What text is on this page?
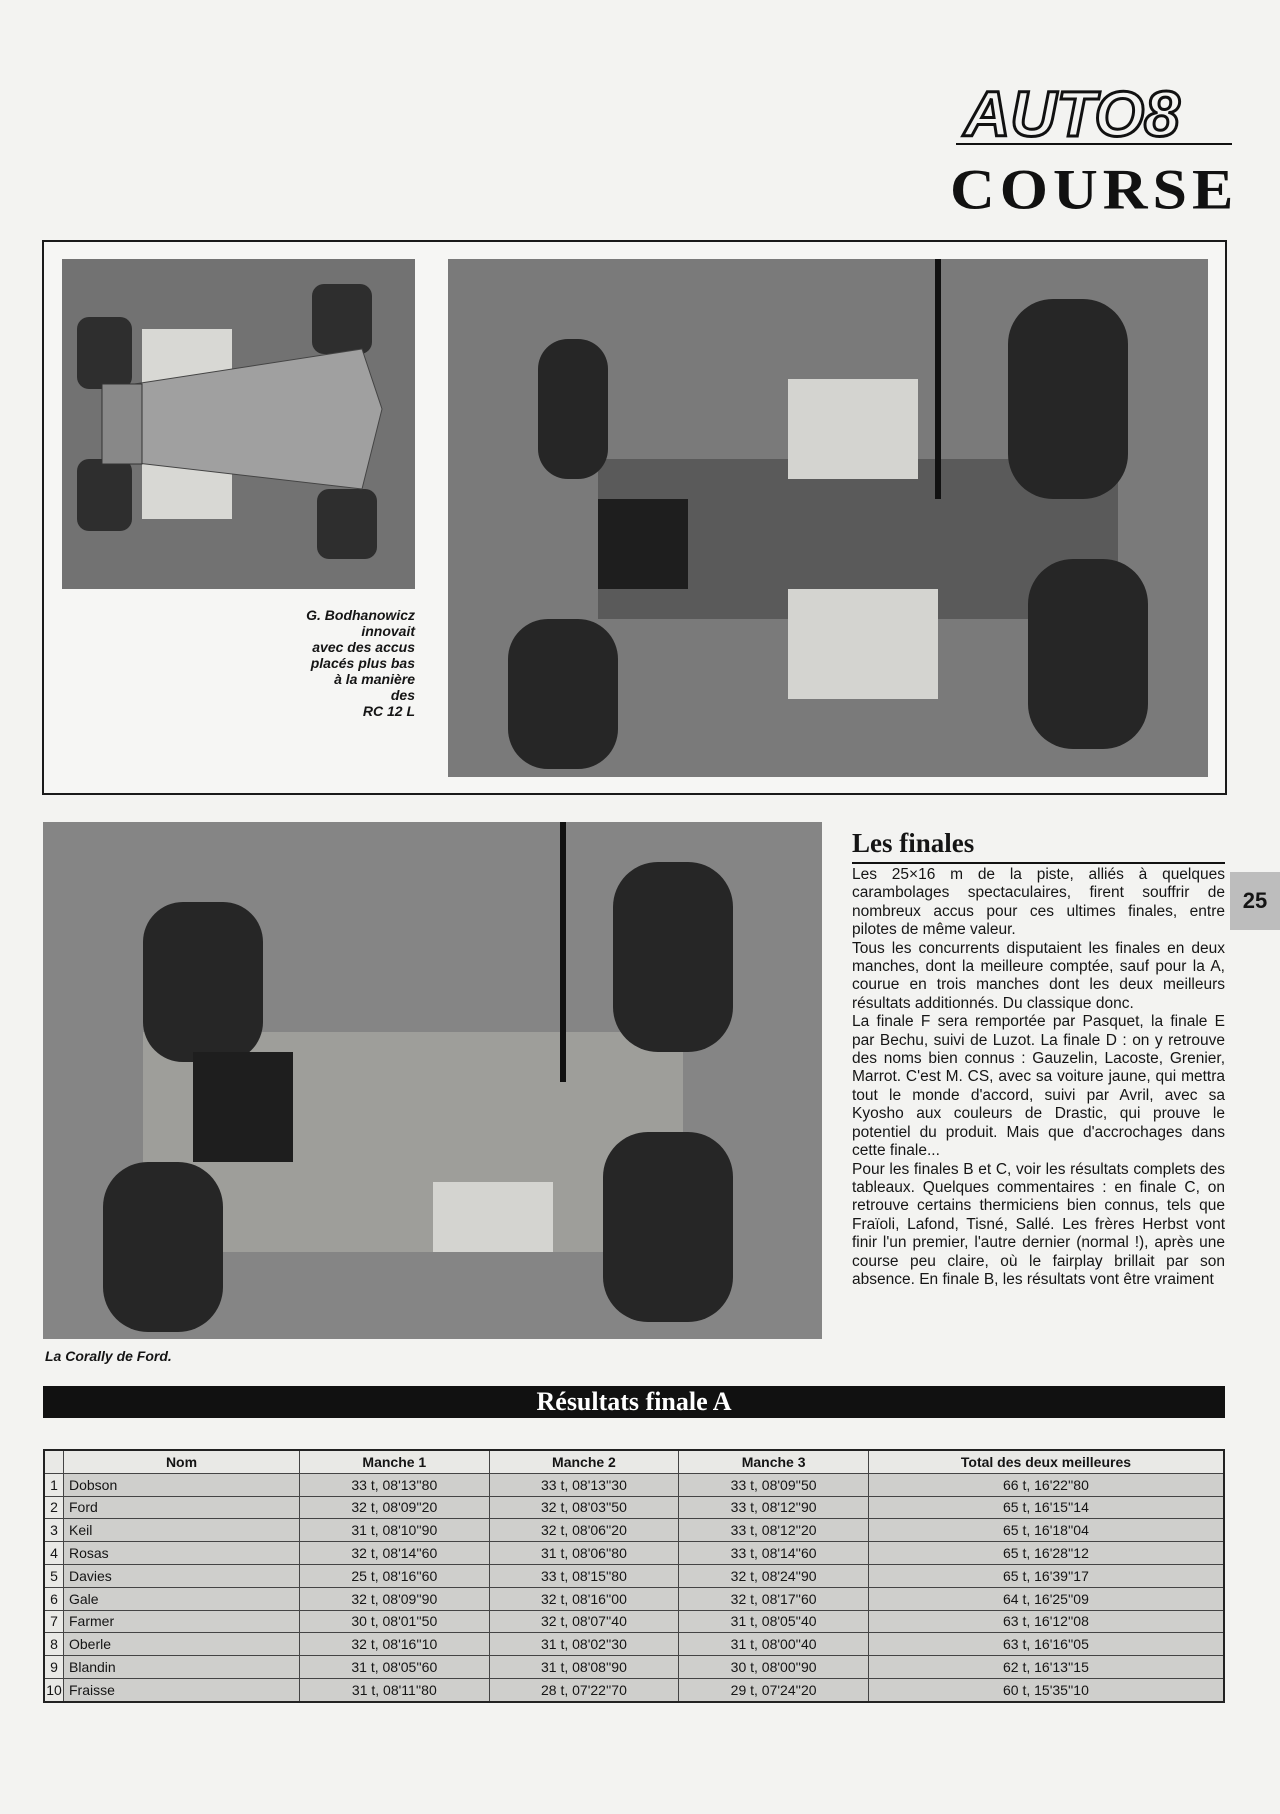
AUTO8
COURSE
G. Bodhanowicz
innovait
avec des accus
placés plus bas
à la manière
des
RC 12 L
La Corally de Ford.
Les finales

Les 25×16 m de la piste, alliés à quelques carambolages spectaculaires, firent souffrir de nombreux accus pour ces ultimes finales, entre pilotes de même valeur.

Tous les concurrents disputaient les finales en deux manches, dont la meilleure comptée, sauf pour la A, courue en trois manches dont les deux meilleurs résultats additionnés. Du classique donc.

La finale F sera remportée par Pasquet, la finale E par Bechu, suivi de Luzot. La finale D : on y retrouve des noms bien connus : Gauzelin, Lacoste, Grenier, Marrot. C'est M. CS, avec sa voiture jaune, qui mettra tout le monde d'accord, suivi par Avril, avec sa Kyosho aux couleurs de Drastic, qui prouve le potentiel du produit. Mais que d'accrochages dans cette finale...

Pour les finales B et C, voir les résultats complets des tableaux. Quelques commentaires : en finale C, on retrouve certains thermiciens bien connus, tels que Fraïoli, Lafond, Tisné, Sallé. Les frères Herbst vont finir l'un premier, l'autre dernier (normal !), après une course peu claire, où le fairplay brillait par son absence. En finale B, les résultats vont être vraiment

25
Résultats finale A
	Nom	Manche 1	Manche 2	Manche 3	Total des deux meilleures
1	Dobson	33 t, 08'13''80	33 t, 08'13''30	33 t, 08'09''50	66 t, 16'22''80
2	Ford	32 t, 08'09''20	32 t, 08'03''50	33 t, 08'12''90	65 t, 16'15''14
3	Keil	31 t, 08'10''90	32 t, 08'06''20	33 t, 08'12''20	65 t, 16'18''04
4	Rosas	32 t, 08'14''60	31 t, 08'06''80	33 t, 08'14''60	65 t, 16'28''12
5	Davies	25 t, 08'16''60	33 t, 08'15''80	32 t, 08'24''90	65 t, 16'39''17
6	Gale	32 t, 08'09''90	32 t, 08'16''00	32 t, 08'17''60	64 t, 16'25''09
7	Farmer	30 t, 08'01''50	32 t, 08'07''40	31 t, 08'05''40	63 t, 16'12''08
8	Oberle	32 t, 08'16''10	31 t, 08'02''30	31 t, 08'00''40	63 t, 16'16''05
9	Blandin	31 t, 08'05''60	31 t, 08'08''90	30 t, 08'00''90	62 t, 16'13''15
10	Fraisse	31 t, 08'11''80	28 t, 07'22''70	29 t, 07'24''20	60 t, 15'35''10
